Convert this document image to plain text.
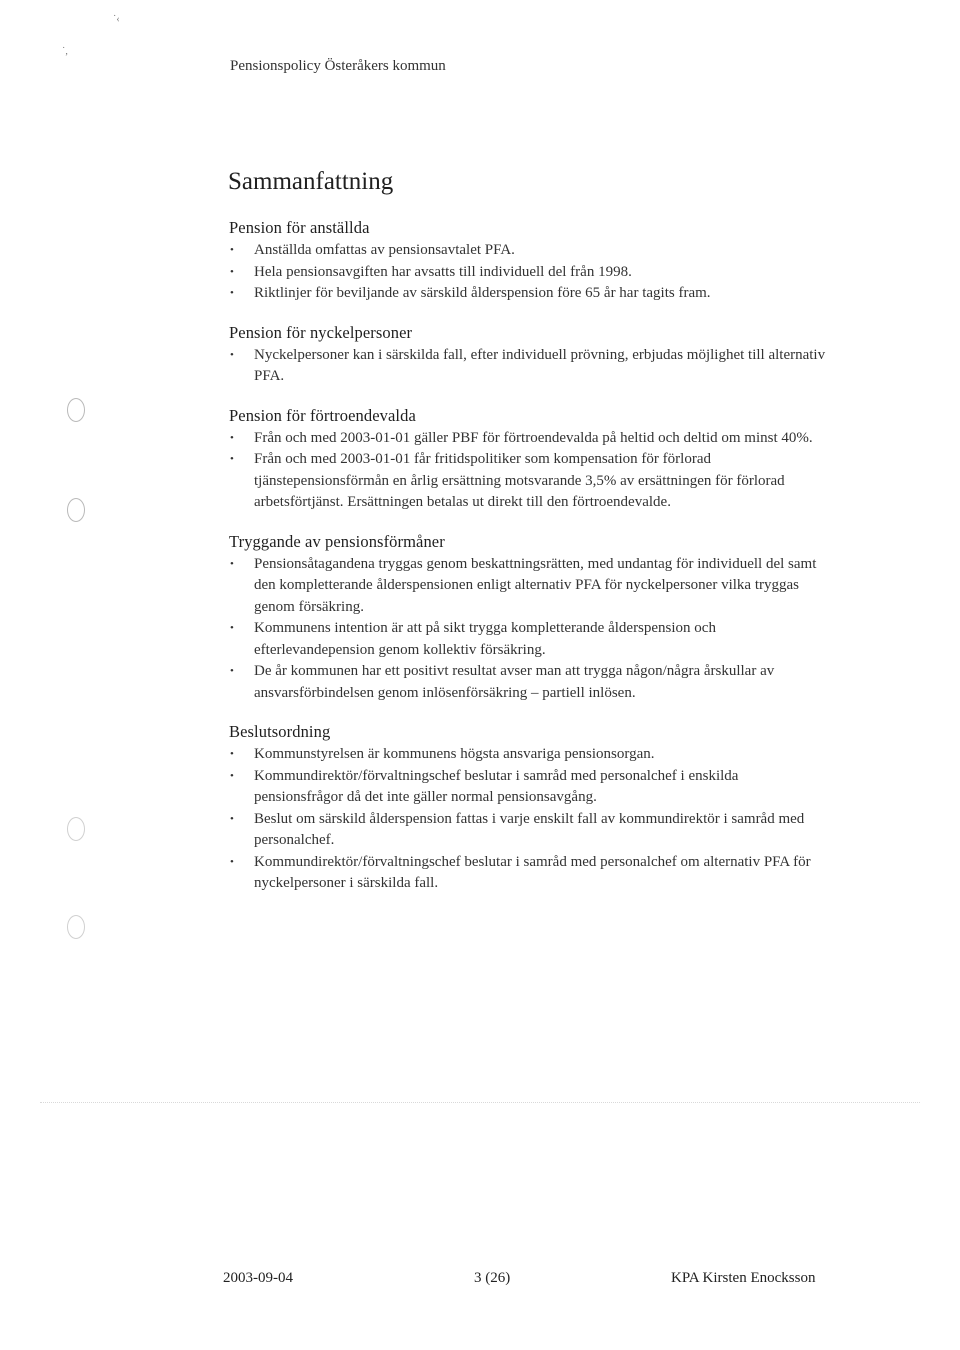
˙‹
˙,
Pensionspolicy Österåkers kommun
Sammanfattning
Pension för anställda
• Anställda omfattas av pensionsavtalet PFA.
• Hela pensionsavgiften har avsatts till individuell del från 1998.
• Riktlinjer för beviljande av särskild ålderspension före 65 år har tagits fram.
Pension för nyckelpersoner
• Nyckelpersoner kan i särskilda fall, efter individuell prövning, erbjudas möjlighet till alternativ PFA.
Pension för förtroendevalda
• Från och med 2003-01-01 gäller PBF för förtroendevalda på heltid och deltid om minst 40%.
• Från och med 2003-01-01 får fritidspolitiker som kompensation för förlorad tjänstepensionsförmån en årlig ersättning motsvarande 3,5% av ersättningen för förlorad arbetsförtjänst. Ersättningen betalas ut direkt till den förtroendevalde.
Tryggande av pensionsförmåner
• Pensionsåtagandena tryggas genom beskattningsrätten, med undantag för individuell del samt den kompletterande ålderspensionen enligt alternativ PFA för nyckelpersoner vilka tryggas genom försäkring.
• Kommunens intention är att på sikt trygga kompletterande ålderspension och efterlevandepension genom kollektiv försäkring.
• De år kommunen har ett positivt resultat avser man att trygga någon/några årskullar av ansvarsförbindelsen genom inlösenförsäkring – partiell inlösen.
Beslutsordning
• Kommunstyrelsen är kommunens högsta ansvariga pensionsorgan.
• Kommundirektör/förvaltningschef beslutar i samråd med personalchef i enskilda pensionsfrågor då det inte gäller normal pensionsavgång.
• Beslut om särskild ålderspension fattas i varje enskilt fall av kommundirektör i samråd med personalchef.
• Kommundirektör/förvaltningschef beslutar i samråd med personalchef om alternativ PFA för nyckelpersoner i särskilda fall.
2003-09-04	3 (26)	KPA Kirsten Enocksson
